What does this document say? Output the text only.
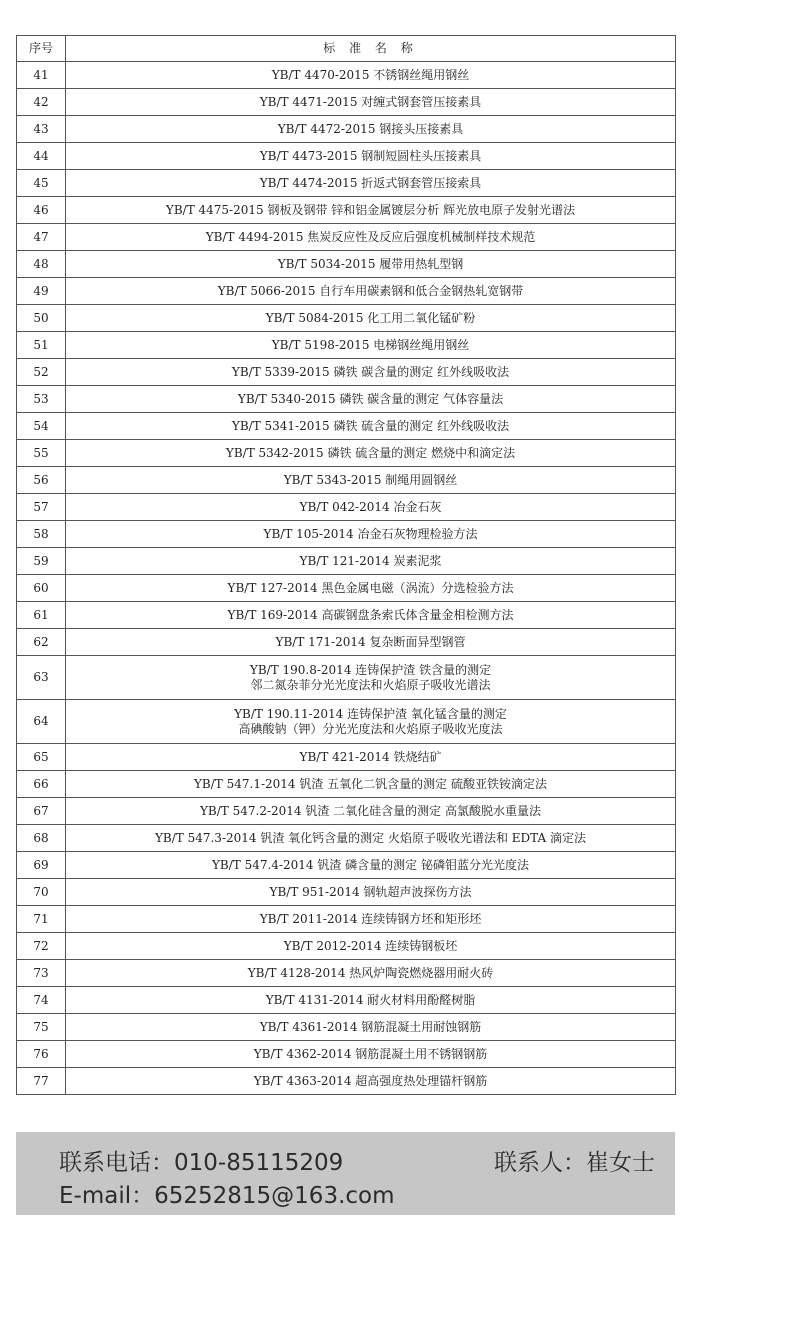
序号	标 准 名 称
41	YB/T 4470-2015 不锈钢丝绳用钢丝

42	YB/T 4471-2015 对缠式钢套管压接素具

43	YB/T 4472-2015 钢接头压接素具

44	YB/T 4473-2015 钢制短圆柱头压接素具

45	YB/T 4474-2015 折返式钢套管压接索具

46	YB/T 4475-2015 钢板及钢带 锌和铝金属镀层分析 辉光放电原子发射光谱法

47	YB/T 4494-2015 焦炭反应性及反应后强度机械制样技术规范

48	YB/T 5034-2015 履带用热轧型钢

49	YB/T 5066-2015 自行车用碳素钢和低合金钢热轧宽钢带

50	YB/T 5084-2015 化工用二氧化锰矿粉

51	YB/T 5198-2015 电梯钢丝绳用钢丝

52	YB/T 5339-2015 磷铁 碳含量的测定 红外线吸收法

53	YB/T 5340-2015 磷铁 碳含量的测定 气体容量法

54	YB/T 5341-2015 磷铁 硫含量的测定 红外线吸收法

55	YB/T 5342-2015 磷铁 硫含量的测定 燃烧中和滴定法

56	YB/T 5343-2015 制绳用圆钢丝

57	YB/T 042-2014 冶金石灰

58	YB/T 105-2014 冶金石灰物理检验方法

59	YB/T 121-2014 炭素泥浆

60	YB/T 127-2014 黑色金属电磁（涡流）分选检验方法

61	YB/T 169-2014 高碳钢盘条索氏体含量金相检测方法

62	YB/T 171-2014 复杂断面异型钢管

63	YB/T 190.8-2014 连铸保护渣 铁含量的测定
邻二氮杂菲分光光度法和火焰原子吸收光谱法

64	YB/T 190.11-2014 连铸保护渣 氧化锰含量的测定
高碘酸钠（钾）分光光度法和火焰原子吸收光度法

65	YB/T 421-2014 铁烧结矿

66	YB/T 547.1-2014 钒渣 五氧化二钒含量的测定 硫酸亚铁铵滴定法

67	YB/T 547.2-2014 钒渣 二氧化硅含量的测定 高氯酸脱水重量法

68	YB/T 547.3-2014 钒渣 氧化钙含量的测定 火焰原子吸收光谱法和 EDTA 滴定法

69	YB/T 547.4-2014 钒渣 磷含量的测定 铋磷钼蓝分光光度法

70	YB/T 951-2014 钢轨超声波探伤方法

71	YB/T 2011-2014 连续铸钢方坯和矩形坯

72	YB/T 2012-2014 连续铸钢板坯

73	YB/T 4128-2014 热风炉陶瓷燃烧器用耐火砖

74	YB/T 4131-2014 耐火材料用酚醛树脂

75	YB/T 4361-2014 钢筋混凝土用耐蚀钢筋

76	YB/T 4362-2014 钢筋混凝土用不锈钢钢筋

77	YB/T 4363-2014 超高强度热处理锚杆钢筋
联系电话：010-85115209	联系人：崔女士
E-mail：65252815@163.com
